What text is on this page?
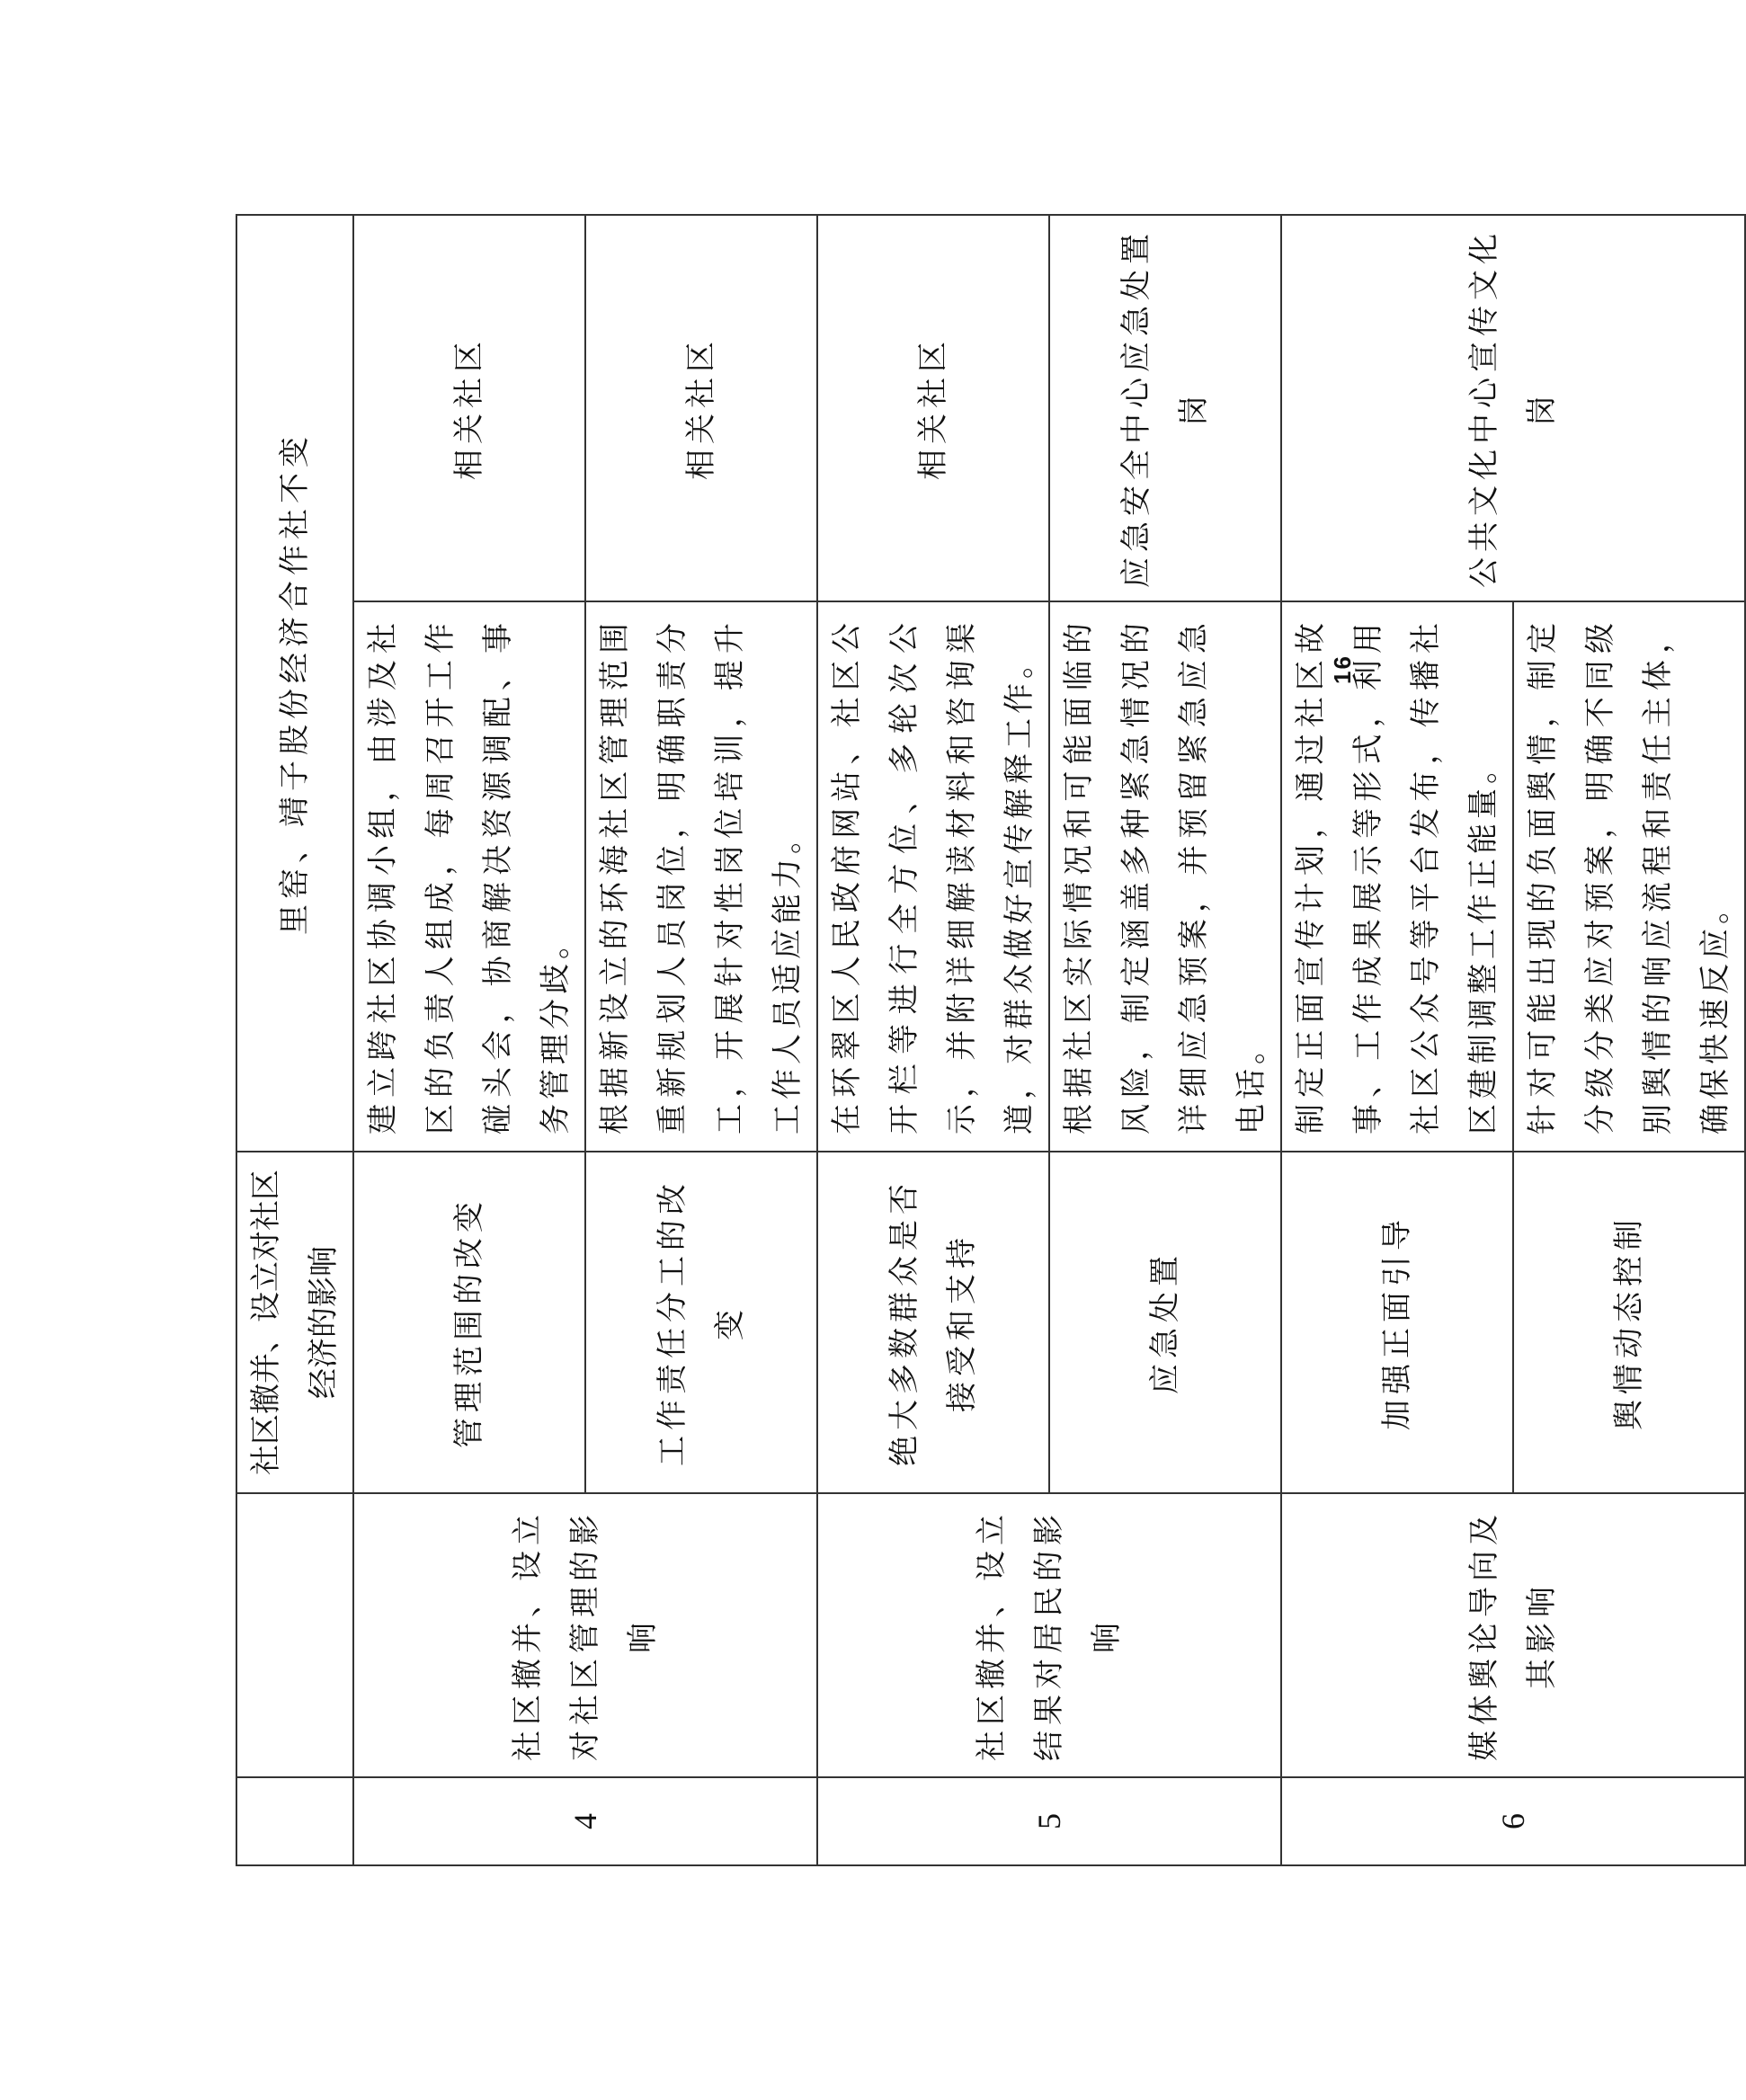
		社区撤并、设立对社区经济的影响	里窑、靖子股份经济合作社不变	
4	社区撤并、设立对社区管理的影响	管理范围的改变	建立跨社区协调小组，由涉及社区的负责人组成，每周召开工作碰头会，协商解决资源调配、事务管理分歧。	相关社区
		工作责任分工的改变	根据新设立的环海社区管理范围重新规划人员岗位，明确职责分工，开展针对性岗位培训，提升工作人员适应能力。	相关社区
5	社区撤并、设立结果对居民的影响	绝大多数群众是否接受和支持	在环翠区人民政府网站、社区公开栏等进行全方位、多轮次公示，并附详细解读材料和咨询渠道，对群众做好宣传解释工作。	相关社区
		应急处置	根据社区实际情况和可能面临的风险，制定涵盖多种紧急情况的详细应急预案，并预留紧急应急电话。	应急安全中心应急处置岗
6	媒体舆论导向及其影响	加强正面引导	制定正面宣传计划，通过社区故事、工作成果展示等形式，利用社区公众号等平台发布，传播社区建制调整工作正能量。	公共文化中心宣传文化岗
		舆情动态控制	针对可能出现的负面舆情，制定分级分类应对预案，明确不同级别舆情的响应流程和责任主体，确保快速反应。	
16
